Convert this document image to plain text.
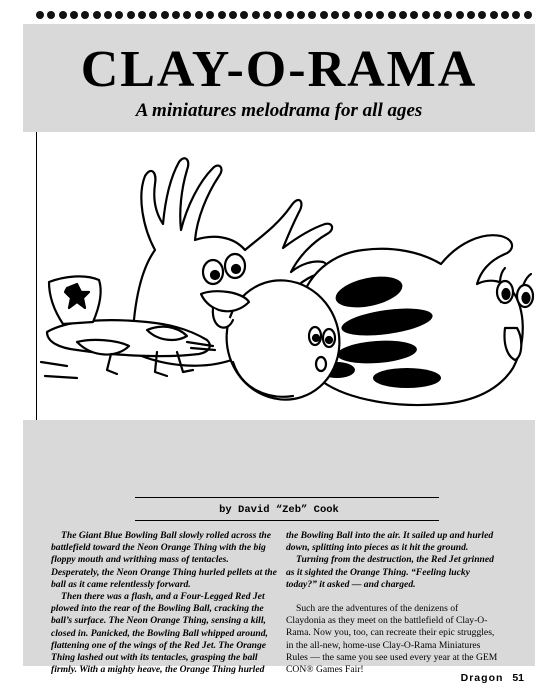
CLAY-O-RAMA
A miniatures melodrama for all ages
by David “Zeb” Cook

The Giant Blue Bowling Ball slowly rolled across the battlefield toward the Neon Orange Thing with the big floppy mouth and writhing mass of tentacles. Desperately, the Neon Orange Thing hurled pellets at the ball as it came relentlessly forward.

Then there was a flash, and a Four-Legged Red Jet plowed into the rear of the Bowling Ball, cracking the ball’s surface. The Neon Orange Thing, sensing a kill, closed in. Panicked, the Bowling Ball whipped around, flattening one of the wings of the Red Jet. The Orange Thing lashed out with its tentacles, grasping the ball firmly. With a mighty heave, the Orange Thing hurled

the Bowling Ball into the air. It sailed up and hurled down, splitting into pieces as it hit the ground.

Turning from the destruction, the Red Jet grinned as it sighted the Orange Thing. “Feeling lucky today?” it asked — and charged.

Such are the adventures of the denizens of Claydonia as they meet on the battlefield of Clay-O-Rama. Now you, too, can recreate their epic struggles, in the all-new, home-use Clay-O-Rama Miniatures Rules — the same you see used every year at the GEM CON® Games Fair!

Dragon 51
